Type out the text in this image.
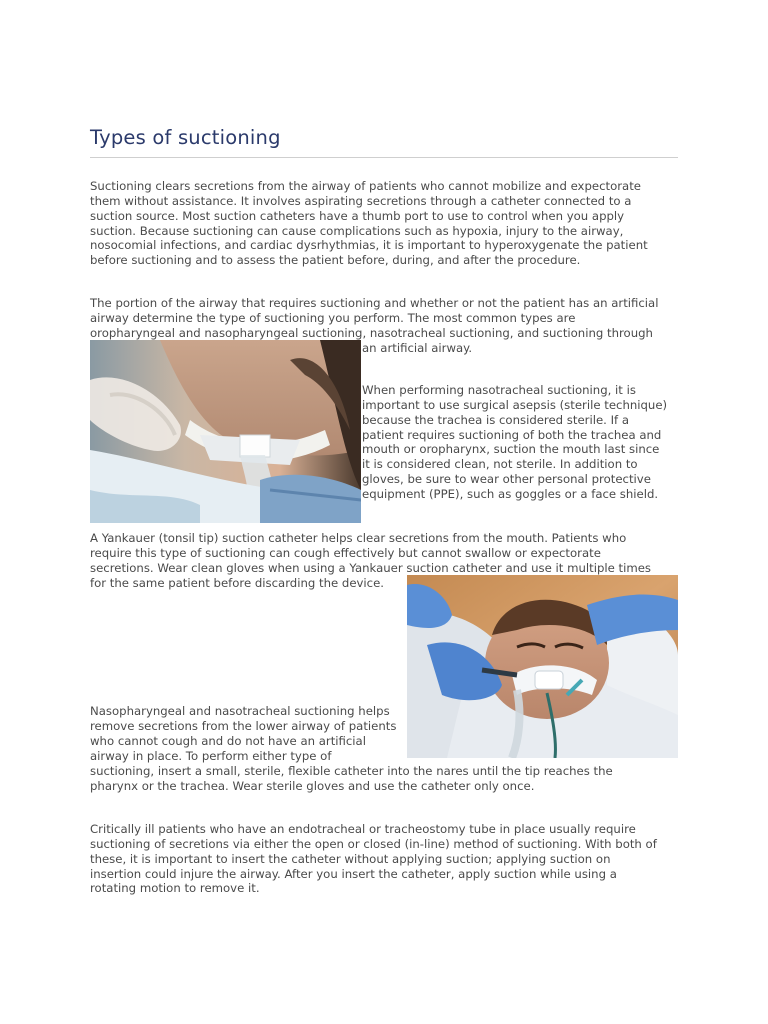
Types of suctioning

Suctioning clears secretions from the airway of patients who cannot mobilize and expectorate
them without assistance. It involves aspirating secretions through a catheter connected to a
suction source. Most suction catheters have a thumb port to use to control when you apply
suction. Because suctioning can cause complications such as hypoxia, injury to the airway,
nosocomial infections, and cardiac dysrhythmias, it is important to hyperoxygenate the patient
before suctioning and to assess the patient before, during, and after the procedure.

The portion of the airway that requires suctioning and whether or not the patient has an artificial
airway determine the type of suctioning you perform. The most common types are
oropharyngeal and nasopharyngeal suctioning, nasotracheal suctioning, and suctioning through

an artificial airway.

When performing nasotracheal suctioning, it is
important to use surgical asepsis (sterile technique)
because the trachea is considered sterile. If a
patient requires suctioning of both the trachea and
mouth or oropharynx, suction the mouth last since
it is considered clean, not sterile. In addition to
gloves, be sure to wear other personal protective
equipment (PPE), such as goggles or a face shield.

A Yankauer (tonsil tip) suction catheter helps clear secretions from the mouth. Patients who
require this type of suctioning can cough effectively but cannot swallow or expectorate
secretions. Wear clean gloves when using a Yankauer suction catheter and use it multiple times
for the same patient before discarding the device.

Nasopharyngeal and nasotracheal suctioning helps
remove secretions from the lower airway of patients
who cannot cough and do not have an artificial
airway in place. To perform either type of

suctioning, insert a small, sterile, flexible catheter into the nares until the tip reaches the
pharynx or the trachea. Wear sterile gloves and use the catheter only once.

Critically ill patients who have an endotracheal or tracheostomy tube in place usually require
suctioning of secretions via either the open or closed (in-line) method of suctioning. With both of
these, it is important to insert the catheter without applying suction; applying suction on
insertion could injure the airway. After you insert the catheter, apply suction while using a
rotating motion to remove it.
